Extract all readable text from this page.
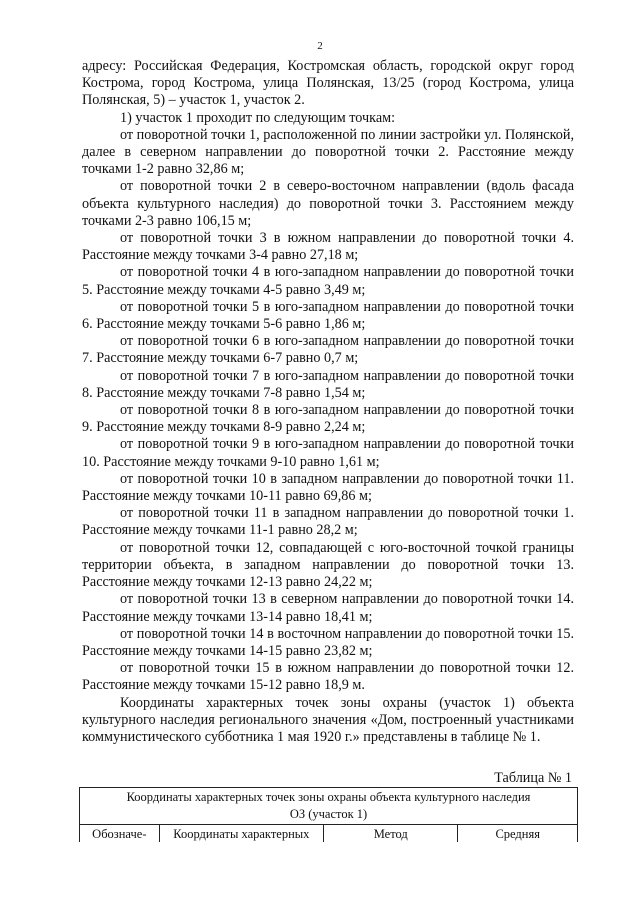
2

адресу: Российская Федерация, Костромская область, городской округ город Кострома, город Кострома, улица Полянская, 13/25 (город Кострома, улица Полянская, 5) – участок 1, участок 2.

1) участок 1 проходит по следующим точкам:

от поворотной точки 1, расположенной по линии застройки ул. Полянской, далее в северном направлении до поворотной точки 2. Расстояние между точками 1-2 равно 32,86 м;

от поворотной точки 2 в северо-восточном направлении (вдоль фасада объекта культурного наследия) до поворотной точки 3. Расстоянием между точками 2-3 равно 106,15 м;

от поворотной точки 3 в южном направлении до поворотной точки 4. Расстояние между точками 3-4 равно 27,18 м;

от поворотной точки 4 в юго-западном направлении до поворотной точки 5. Расстояние между точками 4-5 равно 3,49 м;

от поворотной точки 5 в юго-западном направлении до поворотной точки 6. Расстояние между точками 5-6 равно 1,86 м;

от поворотной точки 6 в юго-западном направлении до поворотной точки 7. Расстояние между точками 6-7 равно 0,7 м;

от поворотной точки 7 в юго-западном направлении до поворотной точки 8. Расстояние между точками 7-8 равно 1,54 м;

от поворотной точки 8 в юго-западном направлении до поворотной точки 9. Расстояние между точками 8-9 равно 2,24 м;

от поворотной точки 9 в юго-западном направлении до поворотной точки 10. Расстояние между точками 9-10 равно 1,61 м;

от поворотной точки 10 в западном направлении до поворотной точки 11. Расстояние между точками 10-11 равно 69,86 м;

от поворотной точки 11 в западном направлении до поворотной точки 1. Расстояние между точками 11-1 равно 28,2 м;

от поворотной точки 12, совпадающей с юго-восточной точкой границы территории объекта, в западном направлении до поворотной точки 13. Расстояние между точками 12-13 равно 24,22 м;

от поворотной точки 13 в северном направлении до поворотной точки 14. Расстояние между точками 13-14 равно 18,41 м;

от поворотной точки 14 в восточном направлении до поворотной точки 15. Расстояние между точками 14-15 равно 23,82 м;

от поворотной точки 15 в южном направлении до поворотной точки 12. Расстояние между точками 15-12 равно 18,9 м.

Координаты характерных точек зоны охраны (участок 1) объекта культурного наследия регионального значения «Дом, построенный участниками коммунистического субботника 1 мая 1920 г.» представлены в таблице № 1.

Таблица № 1
Координаты характерных точек зоны охраны объекта культурного наследия
ОЗ (участок 1)

Обозначе-	Координаты характерных	Метод	Средняя
